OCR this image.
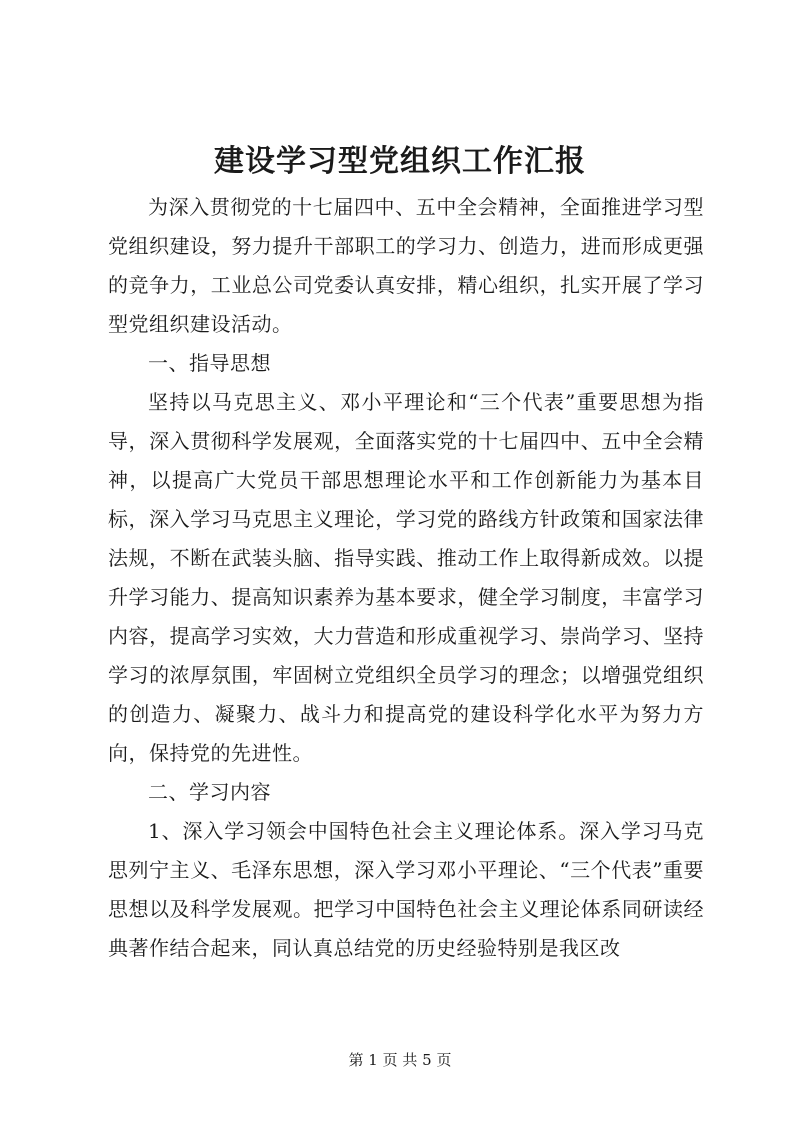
建设学习型党组织工作汇报

为深入贯彻党的十七届四中、五中全会精神，全面推进学习型党组织建设，努力提升干部职工的学习力、创造力，进而形成更强的竞争力，工业总公司党委认真安排，精心组织，扎实开展了学习型党组织建设活动。

一、指导思想

坚持以马克思主义、邓小平理论和“三个代表”重要思想为指导，深入贯彻科学发展观，全面落实党的十七届四中、五中全会精神，以提高广大党员干部思想理论水平和工作创新能力为基本目标，深入学习马克思主义理论，学习党的路线方针政策和国家法律法规，不断在武装头脑、指导实践、推动工作上取得新成效。以提升学习能力、提高知识素养为基本要求，健全学习制度，丰富学习内容，提高学习实效，大力营造和形成重视学习、崇尚学习、坚持学习的浓厚氛围，牢固树立党组织全员学习的理念；以增强党组织的创造力、凝聚力、战斗力和提高党的建设科学化水平为努力方向，保持党的先进性。

二、学习内容

1、深入学习领会中国特色社会主义理论体系。深入学习马克思列宁主义、毛泽东思想，深入学习邓小平理论、“三个代表”重要思想以及科学发展观。把学习中国特色社会主义理论体系同研读经典著作结合起来，同认真总结党的历史经验特别是我区改

第 1 页 共 5 页
